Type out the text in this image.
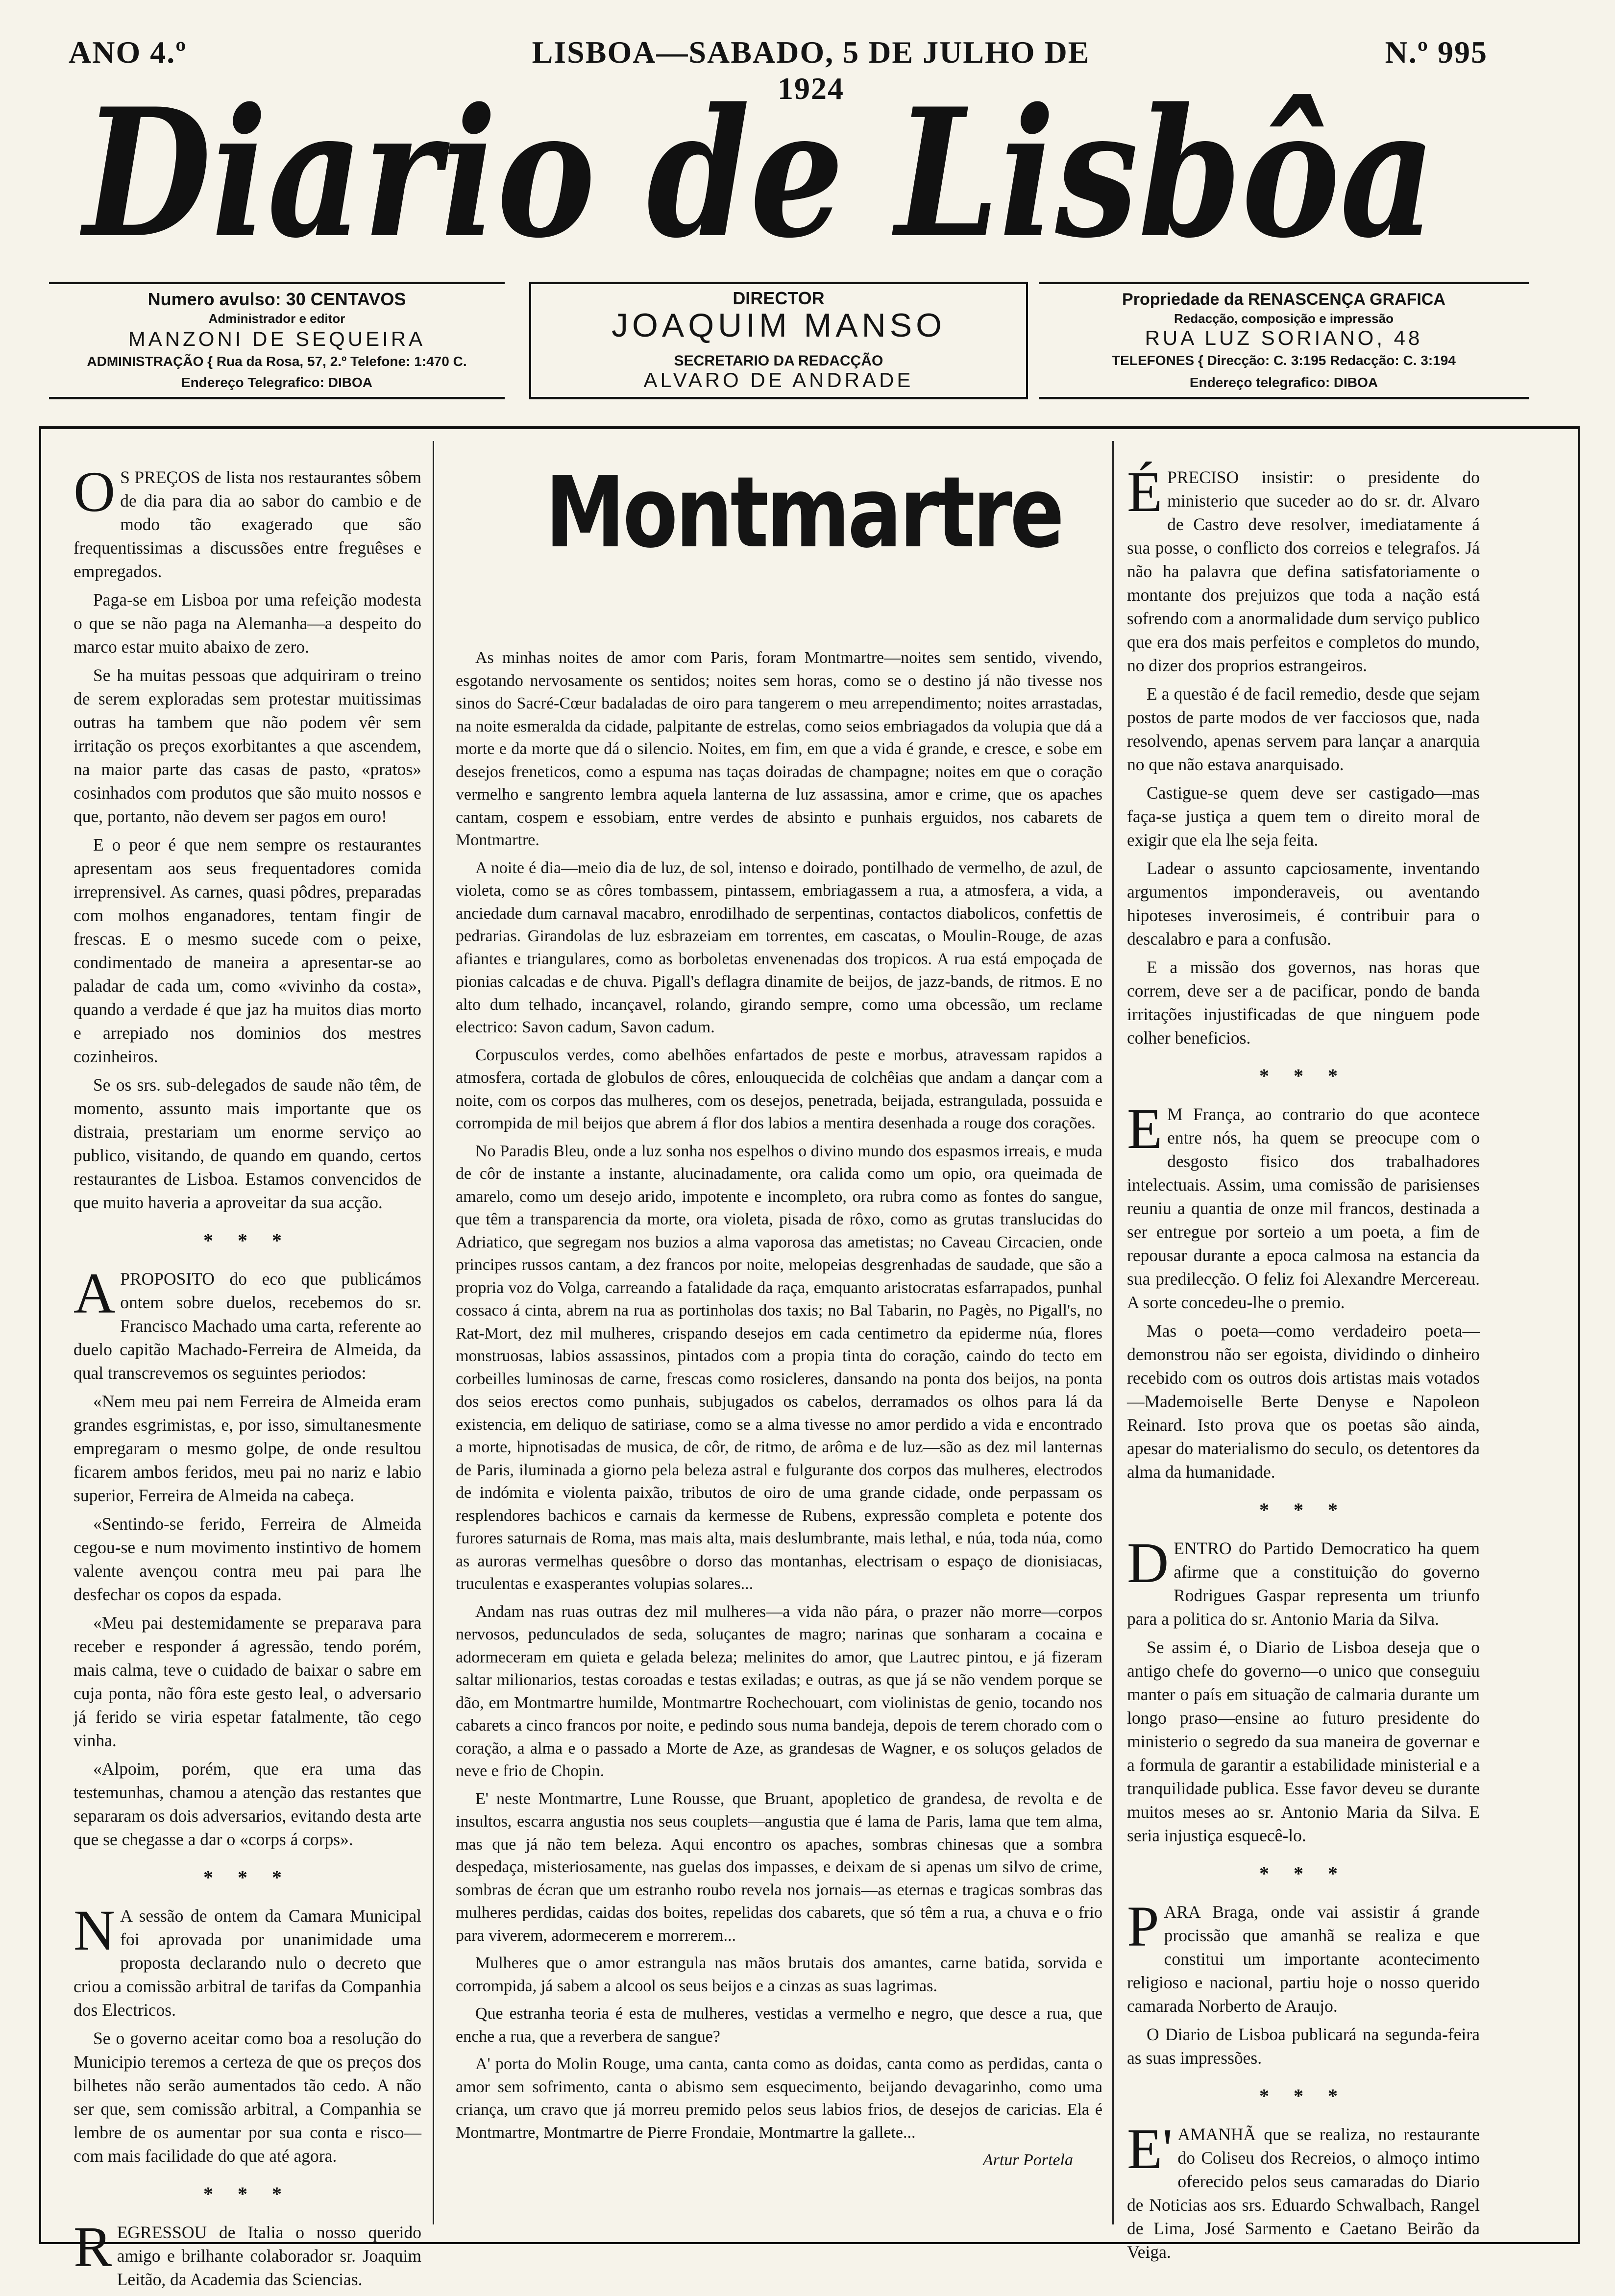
ANO 4.º	LISBOA—SABADO, 5 DE JULHO DE 1924
N.º 995
Diario de Lisbôa
Numero avulso: 30 CENTAVOS
Administrador e editor
MANZONI DE SEQUEIRA
ADMINISTRAÇÃO { Rua da Rosa, 57, 2.º Telefone: 1:470 C.
Endereço Telegrafico: DIBOA
DIRECTOR
JOAQUIM MANSO
SECRETARIO DA REDACÇÃO
ALVARO DE ANDRADE
Propriedade da RENASCENÇA GRAFICA
Redacção, composição e impressão
RUA LUZ SORIANO, 48
TELEFONES { Direcção: C. 3:195 Redacção: C. 3:194
Endereço telegrafico: DIBOA

O S PREÇOS de lista nos restaurantes sôbem de dia para dia ao sabor do cambio e de modo tão exagerado que são frequentissimas a discussões entre freguêses e empregados.

Paga-se em Lisboa por uma refeição modesta o que se não paga na Alemanha—a despeito do marco estar muito abaixo de zero.

Se ha muitas pessoas que adquiriram o treino de serem exploradas sem protestar muitissimas outras ha tambem que não podem vêr sem irritação os preços exorbitantes a que ascendem, na maior parte das casas de pasto, «pratos» cosinhados com produtos que são muito nossos e que, portanto, não devem ser pagos em ouro!

E o peor é que nem sempre os restaurantes apresentam aos seus frequentadores comida irreprensivel. As carnes, quasi pôdres, preparadas com molhos enganadores, tentam fingir de frescas. E o mesmo sucede com o peixe, condimentado de maneira a apresentar-se ao paladar de cada um, como «vivinho da costa», quando a verdade é que jaz ha muitos dias morto e arrepiado nos dominios dos mestres cozinheiros.

Se os srs. sub-delegados de saude não têm, de momento, assunto mais importante que os distraia, prestariam um enorme serviço ao publico, visitando, de quando em quando, certos restaurantes de Lisboa. Estamos convencidos de que muito haveria a aproveitar da sua acção.

* * *

APROPOSITO do eco que publicámos ontem sobre duelos, recebemos do sr. Francisco Machado uma carta, referente ao duelo capitão Machado-Ferreira de Almeida, da qual transcrevemos os seguintes periodos:

«Nem meu pai nem Ferreira de Almeida eram grandes esgrimistas, e, por isso, simultanesmente empregaram o mesmo golpe, de onde resultou ficarem ambos feridos, meu pai no nariz e labio superior, Ferreira de Almeida na cabeça.

«Sentindo-se ferido, Ferreira de Almeida cegou-se e num movimento instintivo de homem valente avençou contra meu pai para lhe desfechar os copos da espada.

«Meu pai destemidamente se preparava para receber e responder á agressão, tendo porém, mais calma, teve o cuidado de baixar o sabre em cuja ponta, não fôra este gesto leal, o adversario já ferido se viria espetar fatalmente, tão cego vinha.

«Alpoim, porém, que era uma das testemunhas, chamou a atenção das restantes que separaram os dois adversarios, evitando desta arte que se chegasse a dar o «corps á corps».

* * *

N A sessão de ontem da Camara Municipal foi aprovada por unanimidade uma proposta declarando nulo o decreto que criou a comissão arbitral de tarifas da Companhia dos Electricos.

Se o governo aceitar como boa a resolução do Municipio teremos a certeza de que os preços dos bilhetes não serão aumentados tão cedo. A não ser que, sem comissão arbitral, a Companhia se lembre de os aumentar por sua conta e risco—com mais facilidade do que até agora.

* * *

REGRESSOU de Italia o nosso querido amigo e brilhante colaborador sr. Joaquim Leitão, da Academia das Sciencias.

Montmartre

As minhas noites de amor com Paris, foram Montmartre—noites sem sentido, vivendo, esgotando nervosamente os sentidos; noites sem horas, como se o destino já não tivesse nos sinos do Sacré-Cœur badaladas de oiro para tangerem o meu arrependimento; noites arrastadas, na noite esmeralda da cidade, palpitante de estrelas, como seios embriagados da volupia que dá a morte e da morte que dá o silencio. Noites, em fim, em que a vida é grande, e cresce, e sobe em desejos freneticos, como a espuma nas taças doiradas de champagne; noites em que o coração vermelho e sangrento lembra aquela lanterna de luz assassina, amor e crime, que os apaches cantam, cospem e essobiam, entre verdes de absinto e punhais erguidos, nos cabarets de Montmartre.

A noite é dia—meio dia de luz, de sol, intenso e doirado, pontilhado de vermelho, de azul, de violeta, como se as côres tombassem, pintassem, embriagassem a rua, a atmosfera, a vida, a anciedade dum carnaval macabro, enrodilhado de serpentinas, contactos diabolicos, confettis de pedrarias. Girandolas de luz esbrazeiam em torrentes, em cascatas, o Moulin-Rouge, de azas afiantes e triangulares, como as borboletas envenenadas dos tropicos. A rua está empoçada de pionias calcadas e de chuva. Pigall's deflagra dinamite de beijos, de jazz-bands, de ritmos. E no alto dum telhado, incançavel, rolando, girando sempre, como uma obcessão, um reclame electrico: Savon cadum, Savon cadum.

Corpusculos verdes, como abelhões enfartados de peste e morbus, atravessam rapidos a atmosfera, cortada de globulos de côres, enlouquecida de colchêias que andam a dançar com a noite, com os corpos das mulheres, com os desejos, penetrada, beijada, estrangulada, possuida e corrompida de mil beijos que abrem á flor dos labios a mentira desenhada a rouge dos corações.

No Paradis Bleu, onde a luz sonha nos espelhos o divino mundo dos espasmos irreais, e muda de côr de instante a instante, alucinadamente, ora calida como um opio, ora queimada de amarelo, como um desejo arido, impotente e incompleto, ora rubra como as fontes do sangue, que têm a transparencia da morte, ora violeta, pisada de rôxo, como as grutas translucidas do Adriatico, que segregam nos buzios a alma vaporosa das ametistas; no Caveau Circacien, onde principes russos cantam, a dez francos por noite, melopeias desgrenhadas de saudade, que são a propria voz do Volga, carreando a fatalidade da raça, emquanto aristocratas esfarrapados, punhal cossaco á cinta, abrem na rua as portinholas dos taxis; no Bal Tabarin, no Pagès, no Pigall's, no Rat-Mort, dez mil mulheres, crispando desejos em cada centimetro da epiderme núa, flores monstruosas, labios assassinos, pintados com a propia tinta do coração, caindo do tecto em corbeilles luminosas de carne, frescas como rosicleres, dansando na ponta dos beijos, na ponta dos seios erectos como punhais, subjugados os cabelos, derramados os olhos para lá da existencia, em deliquo de satiriase, como se a alma tivesse no amor perdido a vida e encontrado a morte, hipnotisadas de musica, de côr, de ritmo, de arôma e de luz—são as dez mil lanternas de Paris, iluminada a giorno pela beleza astral e fulgurante dos corpos das mulheres, electrodos de indómita e violenta paixão, tributos de oiro de uma grande cidade, onde perpassam os resplendores bachicos e carnais da kermesse de Rubens, expressão completa e potente dos furores saturnais de Roma, mas mais alta, mais deslumbrante, mais lethal, e núa, toda núa, como as auroras vermelhas quesôbre o dorso das montanhas, electrisam o espaço de dionisiacas, truculentas e exasperantes volupias solares...

Andam nas ruas outras dez mil mulheres—a vida não pára, o prazer não morre—corpos nervosos, pedunculados de seda, soluçantes de magro; narinas que sonharam a cocaina e adormeceram em quieta e gelada beleza; melinites do amor, que Lautrec pintou, e já fizeram saltar milionarios, testas coroadas e testas exiladas; e outras, as que já se não vendem porque se dão, em Montmartre humilde, Montmartre Rochechouart, com violinistas de genio, tocando nos cabarets a cinco francos por noite, e pedindo sous numa bandeja, depois de terem chorado com o coração, a alma e o passado a Morte de Aze, as grandesas de Wagner, e os soluços gelados de neve e frio de Chopin.

E' neste Montmartre, Lune Rousse, que Bruant, apopletico de grandesa, de revolta e de insultos, escarra angustia nos seus couplets—angustia que é lama de Paris, lama que tem alma, mas que já não tem beleza. Aqui encontro os apaches, sombras chinesas que a sombra despedaça, misteriosamente, nas guelas dos impasses, e deixam de si apenas um silvo de crime, sombras de écran que um estranho roubo revela nos jornais—as eternas e tragicas sombras das mulheres perdidas, caidas dos boites, repelidas dos cabarets, que só têm a rua, a chuva e o frio para viverem, adormecerem e morrerem...

Mulheres que o amor estrangula nas mãos brutais dos amantes, carne batida, sorvida e corrompida, já sabem a alcool os seus beijos e a cinzas as suas lagrimas.

Que estranha teoria é esta de mulheres, vestidas a vermelho e negro, que desce a rua, que enche a rua, que a reverbera de sangue?

A' porta do Molin Rouge, uma canta, canta como as doidas, canta como as perdidas, canta o amor sem sofrimento, canta o abismo sem esquecimento, beijando devagarinho, como uma criança, um cravo que já morreu premido pelos seus labios frios, de desejos de caricias. Ela é Montmartre, Montmartre de Pierre Frondaie, Montmartre la gallete...

Artur Portela

ÉPRECISO insistir: o presidente do ministerio que suceder ao do sr. dr. Alvaro de Castro deve resolver, imediatamente á sua posse, o conflicto dos correios e telegrafos. Já não ha palavra que defina satisfatoriamente o montante dos prejuizos que toda a nação está sofrendo com a anormalidade dum serviço publico que era dos mais perfeitos e completos do mundo, no dizer dos proprios estrangeiros.

E a questão é de facil remedio, desde que sejam postos de parte modos de ver facciosos que, nada resolvendo, apenas servem para lançar a anarquia no que não estava anarquisado.

Castigue-se quem deve ser castigado—mas faça-se justiça a quem tem o direito moral de exigir que ela lhe seja feita.

Ladear o assunto capciosamente, inventando argumentos imponderaveis, ou aventando hipoteses inverosimeis, é contribuir para o descalabro e para a confusão.

E a missão dos governos, nas horas que correm, deve ser a de pacificar, pondo de banda irritações injustificadas de que ninguem pode colher beneficios.

* * *

E M França, ao contrario do que acontece entre nós, ha quem se preocupe com o desgosto fisico dos trabalhadores intelectuais. Assim, uma comissão de parisienses reuniu a quantia de onze mil francos, destinada a ser entregue por sorteio a um poeta, a fim de repousar durante a epoca calmosa na estancia da sua predilecção. O feliz foi Alexandre Mercereau. A sorte concedeu-lhe o premio.

Mas o poeta—como verdadeiro poeta—demonstrou não ser egoista, dividindo o dinheiro recebido com os outros dois artistas mais votados—Mademoiselle Berte Denyse e Napoleon Reinard. Isto prova que os poetas são ainda, apesar do materialismo do seculo, os detentores da alma da humanidade.

* * *

DENTRO do Partido Democratico ha quem afirme que a constituição do governo Rodrigues Gaspar representa um triunfo para a politica do sr. Antonio Maria da Silva.

Se assim é, o Diario de Lisboa deseja que o antigo chefe do governo—o unico que conseguiu manter o país em situação de calmaria durante um longo praso—ensine ao futuro presidente do ministerio o segredo da sua maneira de governar e a formula de garantir a estabilidade ministerial e a tranquilidade publica. Esse favor deveu se durante muitos meses ao sr. Antonio Maria da Silva. E seria injustiça esquecê-lo.

* * *

PARA Braga, onde vai assistir á grande procissão que amanhã se realiza e que constitui um importante acontecimento religioso e nacional, partiu hoje o nosso querido camarada Norberto de Araujo.

O Diario de Lisboa publicará na segunda-feira as suas impressões.

* * *

E' AMANHÃ que se realiza, no restaurante do Coliseu dos Recreios, o almoço intimo oferecido pelos seus camaradas do Diario de Noticias aos srs. Eduardo Schwalbach, Rangel de Lima, José Sarmento e Caetano Beirão da Veiga.
